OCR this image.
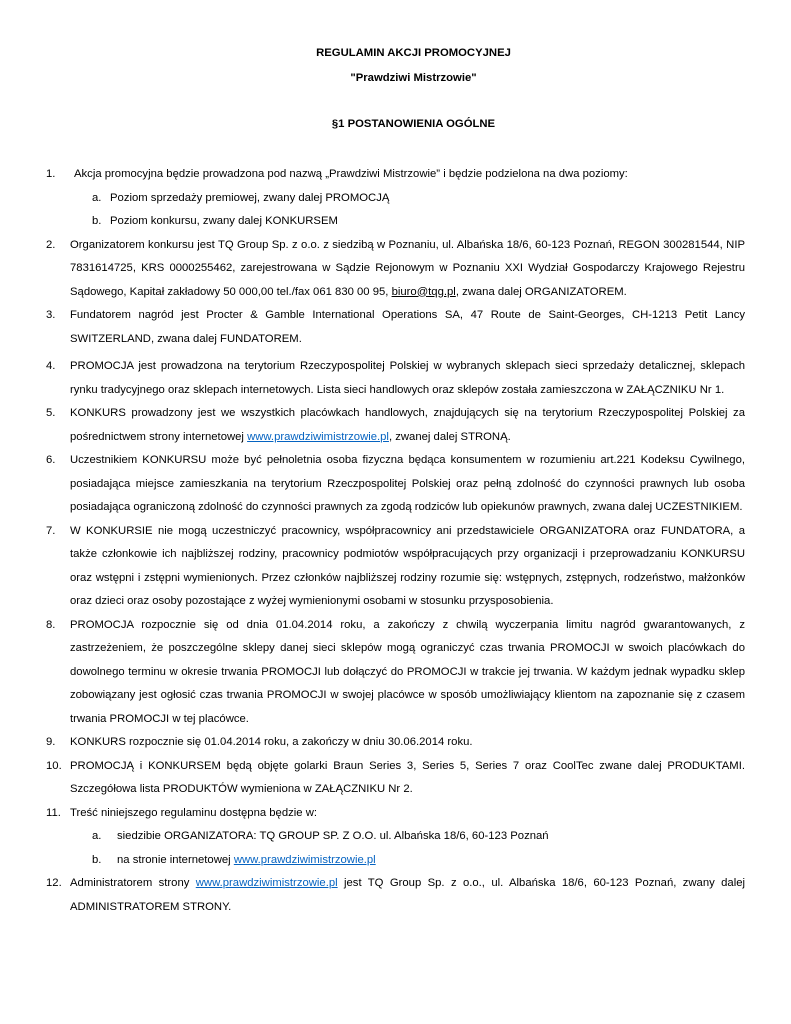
REGULAMIN AKCJI PROMOCYJNEJ

"Prawdziwi Mistrzowie"

§1 POSTANOWIENIA OGÓLNE

1.	Akcja promocyjna będzie prowadzona pod nazwą „Prawdziwi Mistrzowie” i będzie podzielona na dwa poziomy:

a. Poziom sprzedaży premiowej, zwany dalej PROMOCJĄ
b. Poziom konkursu, zwany dalej KONKURSEM
2. Organizatorem konkursu jest TQ Group Sp. z o.o. z siedzibą w Poznaniu, ul. Albańska 18/6, 60-123 Poznań, REGON 300281544, NIP 7831614725, KRS 0000255462, zarejestrowana w Sądzie Rejonowym w Poznaniu XXI Wydział Gospodarczy Krajowego Rejestru Sądowego, Kapitał zakładowy 50 000,00 tel./fax 061 830 00 95, biuro@tqg.pl, zwana dalej ORGANIZATOREM.

3. Fundatorem nagród jest Procter & Gamble International Operations SA, 47 Route de Saint-Georges, CH-1213 Petit Lancy SWITZERLAND, zwana dalej FUNDATOREM.

4. PROMOCJA jest prowadzona na terytorium Rzeczypospolitej Polskiej w wybranych sklepach sieci sprzedaży detalicznej, sklepach rynku tradycyjnego oraz sklepach internetowych. Lista sieci handlowych oraz sklepów została zamieszczona w ZAŁĄCZNIKU Nr 1.

5. KONKURS prowadzony jest we wszystkich placówkach handlowych, znajdujących się na terytorium Rzeczypospolitej Polskiej za pośrednictwem strony internetowej www.prawdziwimistrzowie.pl, zwanej dalej STRONĄ.

6. Uczestnikiem KONKURSU może być pełnoletnia osoba fizyczna będąca konsumentem w rozumieniu art.221 Kodeksu Cywilnego, posiadająca miejsce zamieszkania na terytorium Rzeczpospolitej Polskiej oraz pełną zdolność do czynności prawnych lub osoba posiadająca ograniczoną zdolność do czynności prawnych za zgodą rodziców lub opiekunów prawnych, zwana dalej UCZESTNIKIEM.

7. W KONKURSIE nie mogą uczestniczyć pracownicy, współpracownicy ani przedstawiciele ORGANIZATORA oraz FUNDATORA, a także członkowie ich najbliższej rodziny, pracownicy podmiotów współpracujących przy organizacji i przeprowadzaniu KONKURSU oraz wstępni i zstępni wymienionych. Przez członków najbliższej rodziny rozumie się: wstępnych, zstępnych, rodzeństwo, małżonków oraz dzieci oraz osoby pozostające z wyżej wymienionymi osobami w stosunku przysposobienia.

8. PROMOCJA rozpocznie się od dnia 01.04.2014 roku, a zakończy z chwilą wyczerpania limitu nagród gwarantowanych, z zastrzeżeniem, że poszczególne sklepy danej sieci sklepów mogą ograniczyć czas trwania PROMOCJI w swoich placówkach do dowolnego terminu w okresie trwania PROMOCJI lub dołączyć do PROMOCJI w trakcie jej trwania. W każdym jednak wypadku sklep zobowiązany jest ogłosić czas trwania PROMOCJI w swojej placówce w sposób umożliwiający klientom na zapoznanie się z czasem trwania PROMOCJI w tej placówce.

9. KONKURS rozpocznie się 01.04.2014 roku, a zakończy w dniu 30.06.2014 roku.

10. PROMOCJĄ i KONKURSEM będą objęte golarki Braun Series 3, Series 5, Series 7 oraz CoolTec zwane dalej PRODUKTAMI. Szczegółowa lista PRODUKTÓW wymieniona w ZAŁĄCZNIKU Nr 2.

11. Treść niniejszego regulaminu dostępna będzie w:

a. siedzibie ORGANIZATORA: TQ GROUP SP. Z O.O. ul. Albańska 18/6, 60-123 Poznań
b. na stronie internetowej www.prawdziwimistrzowie.pl
12. Administratorem strony www.prawdziwimistrzowie.pl jest TQ Group Sp. z o.o., ul. Albańska 18/6, 60-123 Poznań, zwany dalej ADMINISTRATOREM STRONY.
